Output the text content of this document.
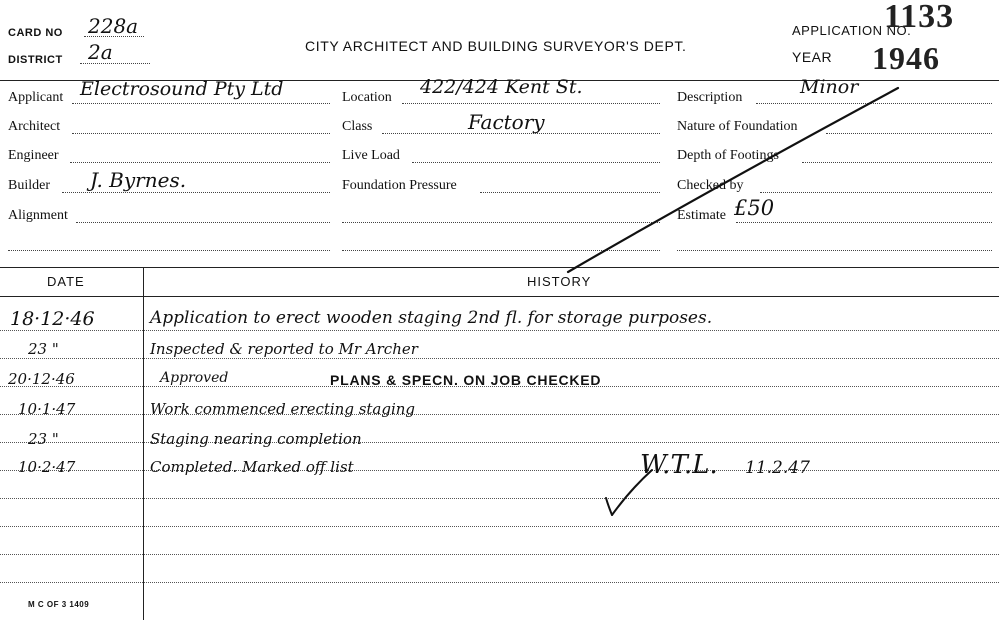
CARD NO 228a
DISTRICT 2a	CITY ARCHITECT AND BUILDING SURVEYOR'S DEPT.
APPLICATION NO.
1133
YEAR 1946
Applicant Electrosound Pty Ltd
Architect
Engineer
Builder J. Byrnes.
Alignment
Location 422/424 Kent St.
Class	Factory
Live Load
Foundation Pressure
Description	Minor
Nature of Foundation
Depth of Footings
Checked by
Estimate £50
DATE	HISTORY
18·12·46	Application to erect wooden staging 2nd fl. for storage purposes.
23 "	Inspected & reported to Mr Archer
20·12·46	Approved	PLANS & SPECN. ON JOB CHECKED
10·1·47	Work commenced erecting staging
23 "	Staging nearing completion
10·2·47	Completed. Marked off list	W.T.L. 11.2.47
M C OF 3 1409
